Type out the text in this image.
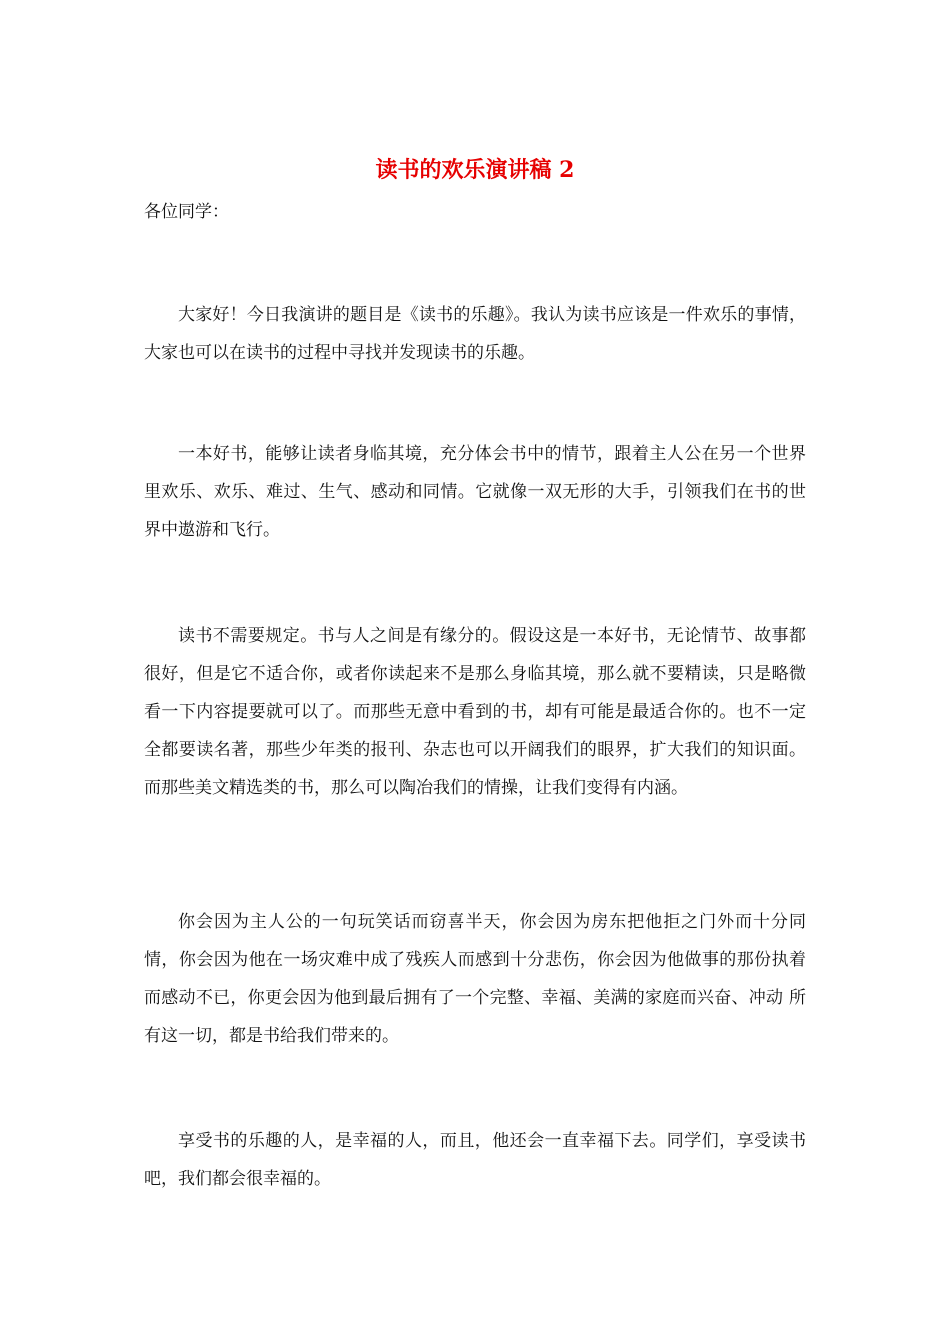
读书的欢乐演讲稿 2

各位同学：

大家好！今日我演讲的题目是《读书的乐趣》。我认为读书应该是一件欢乐的事情，大家也可以在读书的过程中寻找并发现读书的乐趣。

一本好书，能够让读者身临其境，充分体会书中的情节，跟着主人公在另一个世界里欢乐、欢乐、难过、生气、感动和同情。它就像一双无形的大手，引领我们在书的世界中遨游和飞行。

读书不需要规定。书与人之间是有缘分的。假设这是一本好书，无论情节、故事都很好，但是它不适合你，或者你读起来不是那么身临其境，那么就不要精读，只是略微看一下内容提要就可以了。而那些无意中看到的书，却有可能是最适合你的。也不一定全都要读名著，那些少年类的报刊、杂志也可以开阔我们的眼界，扩大我们的知识面。而那些美文精选类的书，那么可以陶冶我们的情操，让我们变得有内涵。

你会因为主人公的一句玩笑话而窃喜半天，你会因为房东把他拒之门外而十分同情，你会因为他在一场灾难中成了残疾人而感到十分悲伤，你会因为他做事的那份执着而感动不已，你更会因为他到最后拥有了一个完整、幸福、美满的家庭而兴奋、冲动 所有这一切，都是书给我们带来的。

享受书的乐趣的人，是幸福的人，而且，他还会一直幸福下去。同学们，享受读书吧，我们都会很幸福的。
